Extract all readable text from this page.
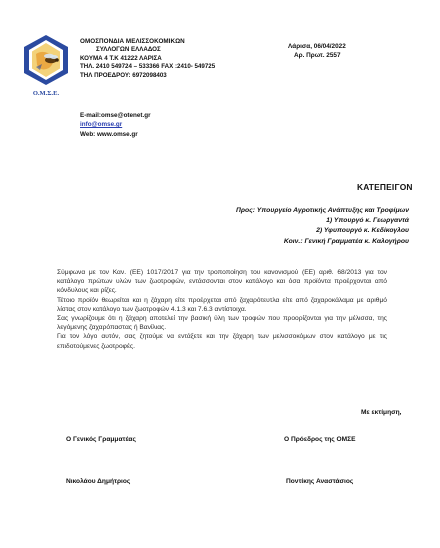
Ο.Μ.Σ.Ε.
ΟΜΟΣΠΟΝΔΙΑ ΜΕΛΙΣΣΟΚΟΜΙΚΩΝ
ΣΥΛΛΟΓΩΝ ΕΛΛΑΔΟΣ
ΚΟΥΜΑ 4 Τ.Κ 41222 ΛΑΡΙΣΑ
ΤΗΛ. 2410 549724 – 533366 FAX :2410- 549725
ΤΗΛ ΠΡΟΕΔΡΟΥ: 6972098403
E-mail:omse@otenet.gr
info@omse.gr
Web: www.omse.gr
Λάρισα, 06/04/2022
Αρ. Πρωτ. 2557
ΚΑΤΕΠΕΙΓΟΝ
Προς: Υπουργείο Αγροτικής Ανάπτυξης και Τροφίμων
1) Υπουργό κ. Γεωργαντά
2) Υφυπουργό κ. Κεδίκογλου
Κοιν.: Γενική Γραμματέα κ. Καλογήρου

Σύμφωνα με τον Καν. (ΕΕ) 1017/2017 για την τροποποίηση του κανονισμού (ΕΕ) αριθ. 68/2013 για τον κατάλογο πρώτων υλών των ζωοτροφών, εντάσσονται στον κατάλογο και όσα προϊόντα προέρχονται από κόνδυλους και ρίζες.

Τέτοιο προϊόν θεωρείται και η ζάχαρη είτε προέρχεται από ζαχαρότευτλα είτε από ζαχαροκάλαμα με αριθμό λίστας στον κατάλογο των ζωοτροφών 4.1.3 και 7.6.3 αντίστοιχα.

Σας γνωρίζουμε ότι η ζάχαρη αποτελεί την βασική ύλη των τροφών που προορίζονται για την μέλισσα, της λεγόμενης ζαχαρόπαστας ή Βανίλιας.

Για τον λόγο αυτόν, σας ζητούμε να εντάξετε και την ζάχαρη των μελισσοκόμων στον κατάλογο με τις επιδοτούμενες ζωοτροφές.

Με εκτίμηση,
Ο Γενικός Γραμματέας	Ο Πρόεδρος της ΟΜΣΕ
Νικολάου Δημήτριος	Ποντίκης Αναστάσιος
